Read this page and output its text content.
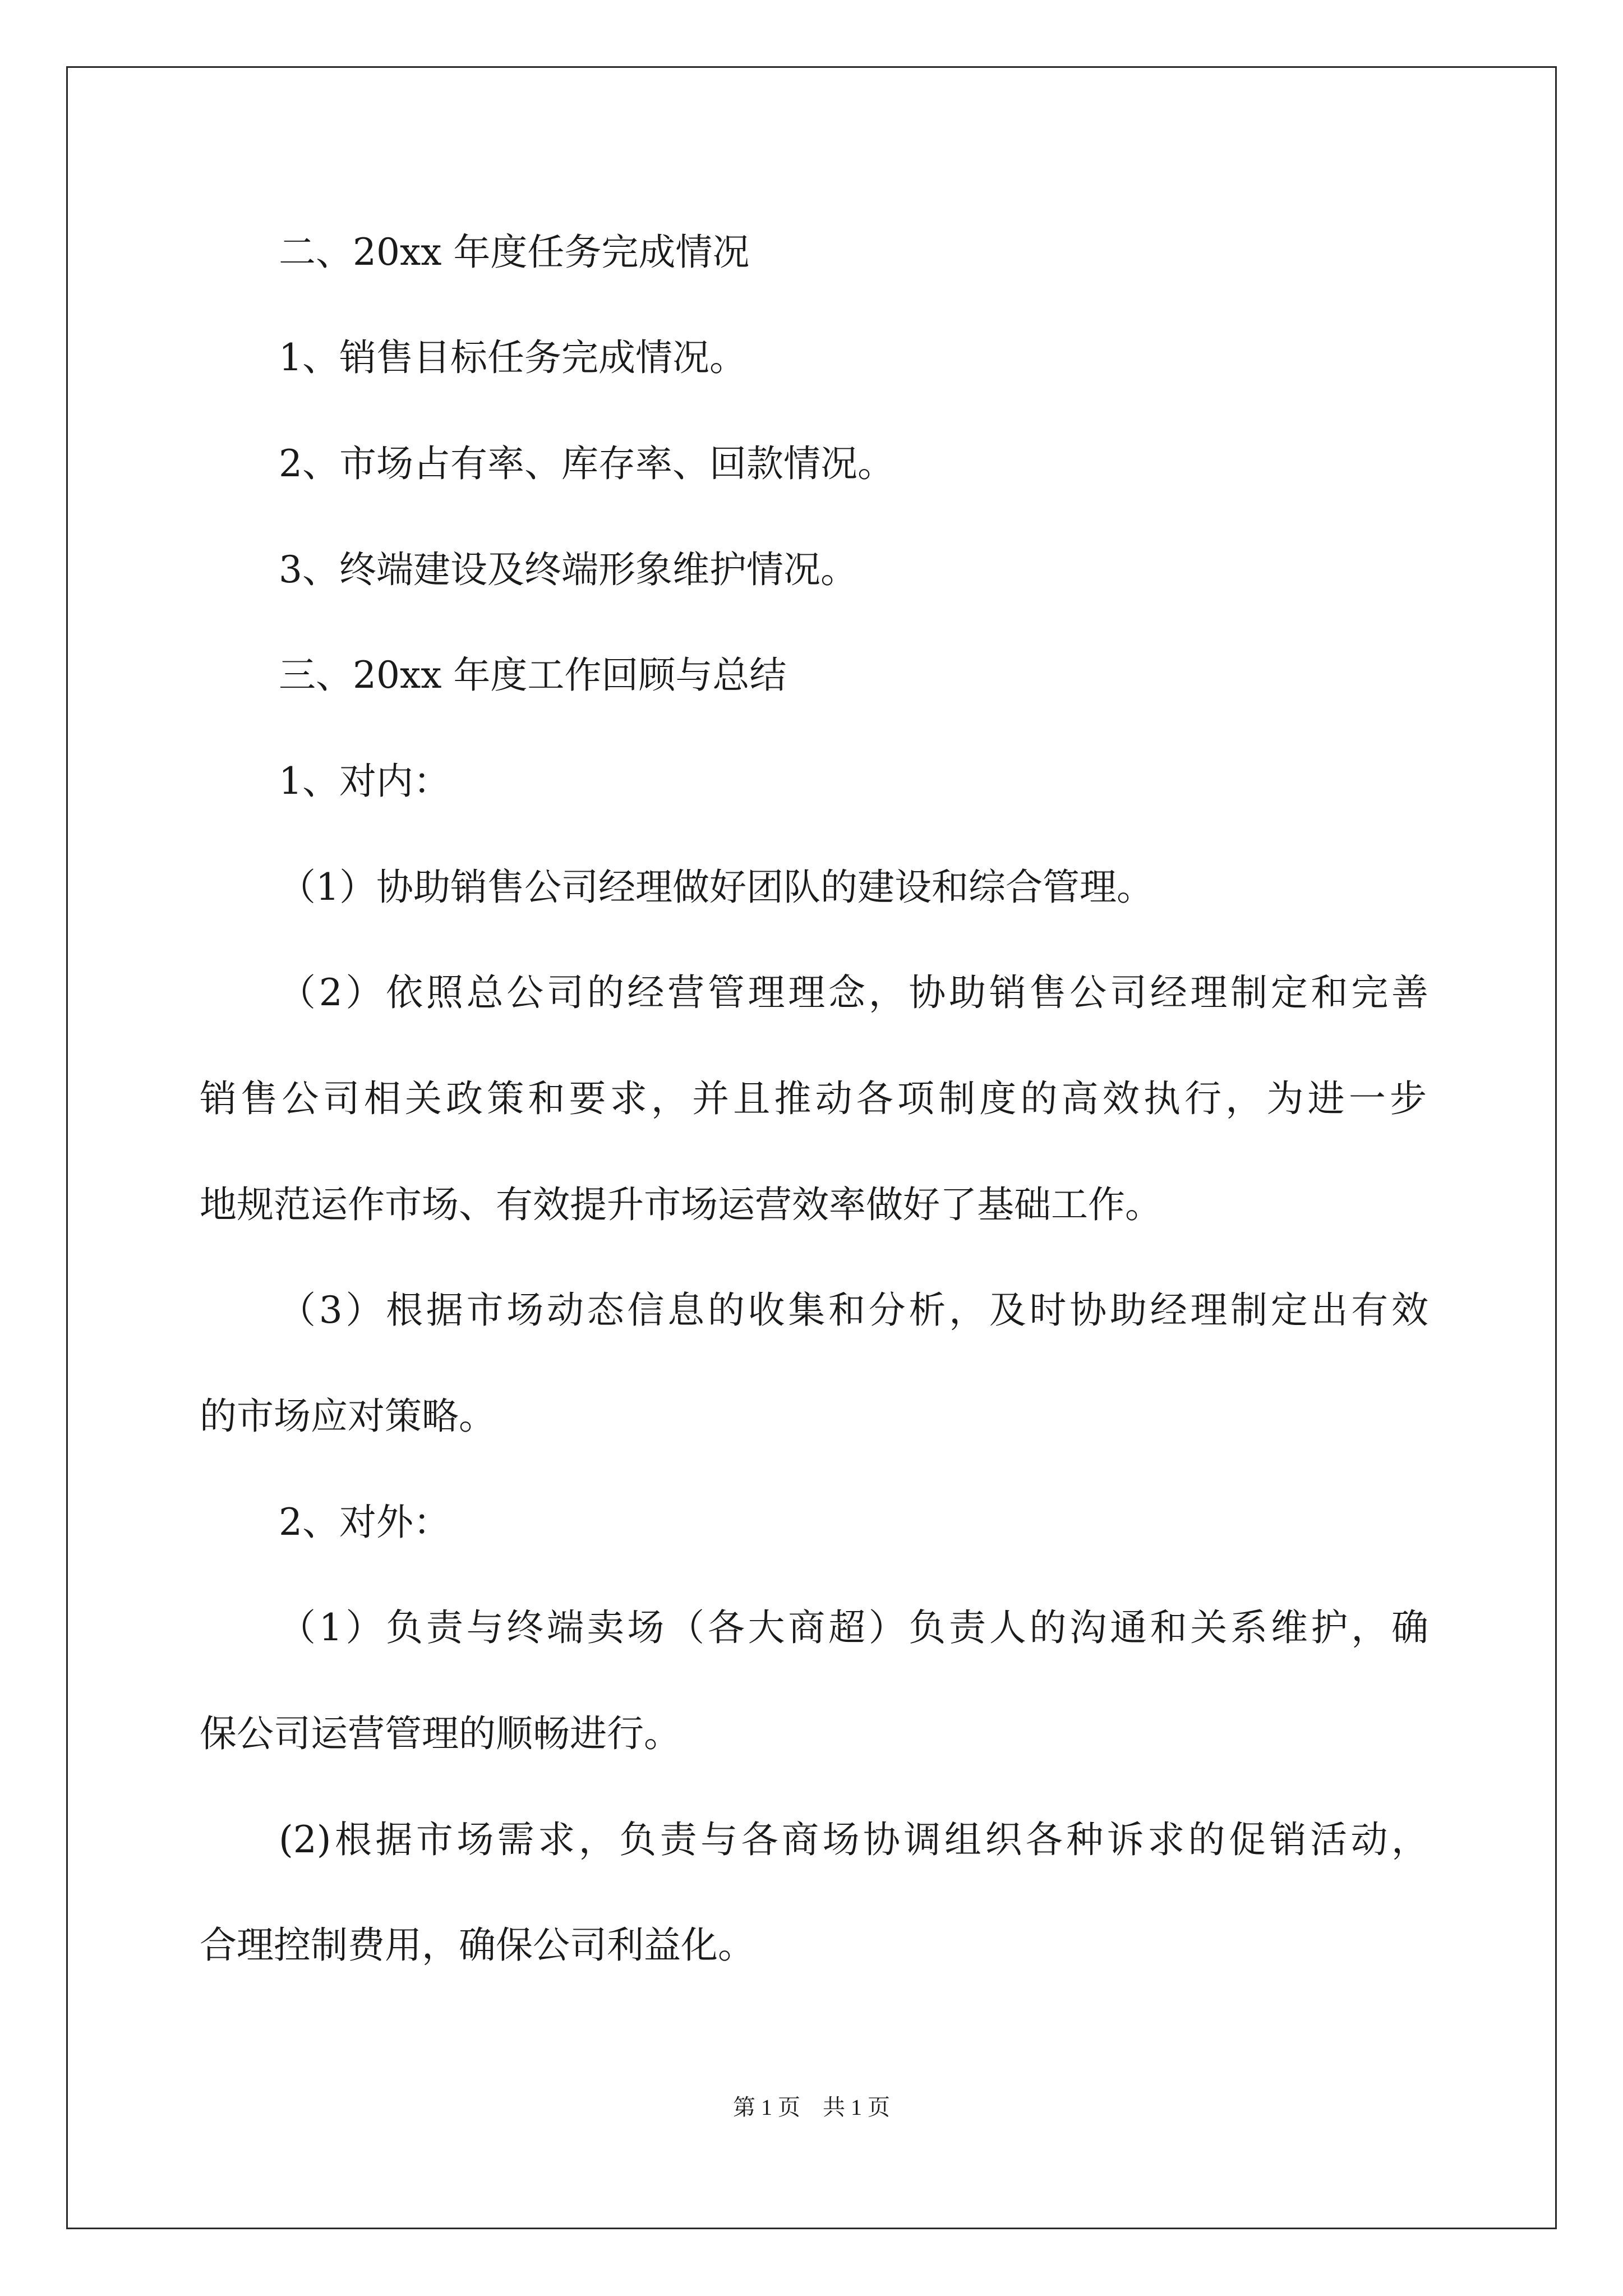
二、20xx 年度任务完成情况
1、销售目标任务完成情况。
2、市场占有率、库存率、回款情况。
3、终端建设及终端形象维护情况。
三、20xx 年度工作回顾与总结
1、对内：
（1）协助销售公司经理做好团队的建设和综合管理。
（2）依照总公司的经营管理理念，协助销售公司经理制定和完善
销售公司相关政策和要求，并且推动各项制度的高效执行，为进一步
地规范运作市场、有效提升市场运营效率做好了基础工作。
（3）根据市场动态信息的收集和分析，及时协助经理制定出有效
的市场应对策略。
2、对外：
（1）负责与终端卖场（各大商超）负责人的沟通和关系维护，确
保公司运营管理的顺畅进行。
(2)根据市场需求，负责与各商场协调组织各种诉求的促销活动，
合理控制费用，确保公司利益化。
第 1 页　共 1 页
